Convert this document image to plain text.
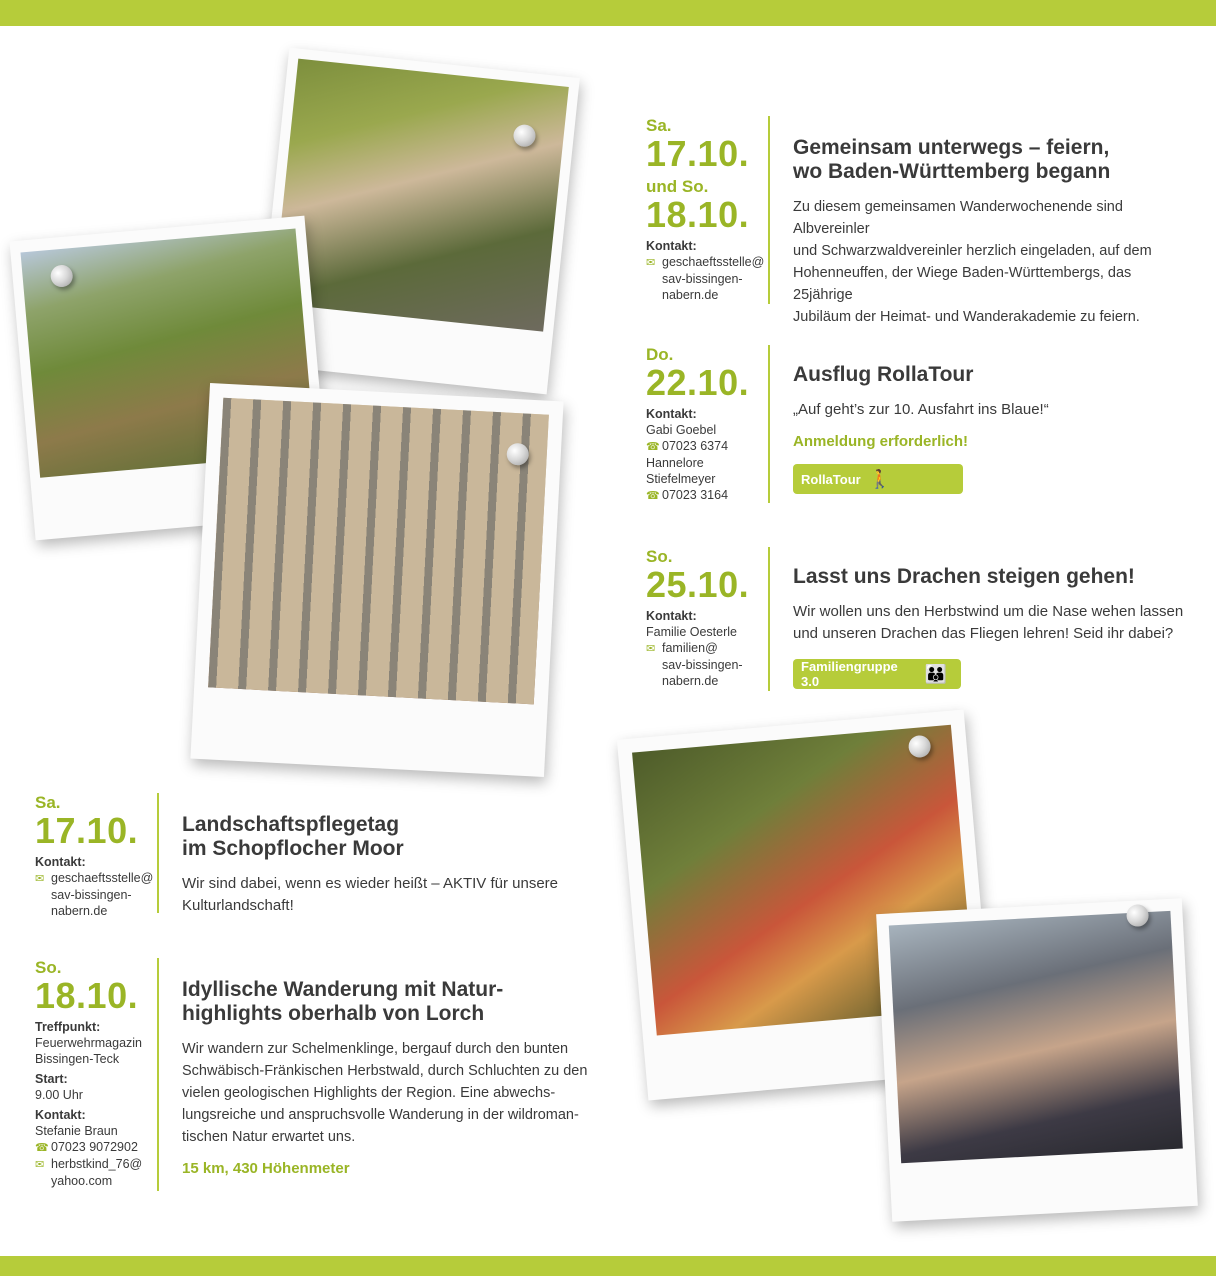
Sa.
17.10.
und So.
18.10.
Kontakt:
✉ geschaeftsstelle@
sav-bissingen-
nabern.de
Gemeinsam unterwegs – feiern,
wo Baden-Württemberg begann

Zu diesem gemeinsamen Wanderwochenende sind Albvereinler
und Schwarzwaldvereinler herzlich eingeladen, auf dem
Hohenneuffen, der Wiege Baden-Württembergs, das 25jährige
Jubiläum der Heimat- und Wanderakademie zu feiern.

Do.
22.10.
Kontakt:
Gabi Goebel
☎ 07023 6374
Hannelore
Stiefelmeyer
☎ 07023 3164
Ausflug RollaTour

„Auf geht’s zur 10. Ausfahrt ins Blaue!“

Anmeldung erforderlich!
RollaTour 🚶
So.
25.10.
Kontakt:
Familie Oesterle
✉ familien@
sav-bissingen-
nabern.de
Lasst uns Drachen steigen gehen!

Wir wollen uns den Herbstwind um die Nase wehen lassen
und unseren Drachen das Fliegen lehren! Seid ihr dabei?

Familiengruppe 3.0	👪
Sa.
17.10.
Kontakt:
✉ geschaeftsstelle@
sav-bissingen-
nabern.de
Landschaftspflegetag
im Schopflocher Moor

Wir sind dabei, wenn es wieder heißt – AKTIV für unsere
Kulturlandschaft!

So.
18.10.
Treffpunkt:
Feuerwehrmagazin
Bissingen-Teck
Start:
9.00 Uhr
Kontakt:
Stefanie Braun
☎ 07023 9072902
✉ herbstkind_76@
yahoo.com
Idyllische Wanderung mit Natur-
highlights oberhalb von Lorch

Wir wandern zur Schelmenklinge, bergauf durch den bunten
Schwäbisch-Fränkischen Herbstwald, durch Schluchten zu den
vielen geologischen Highlights der Region. Eine abwechs-
lungsreiche und anspruchsvolle Wanderung in der wildroman-
tischen Natur erwartet uns.

15 km, 430 Höhenmeter
